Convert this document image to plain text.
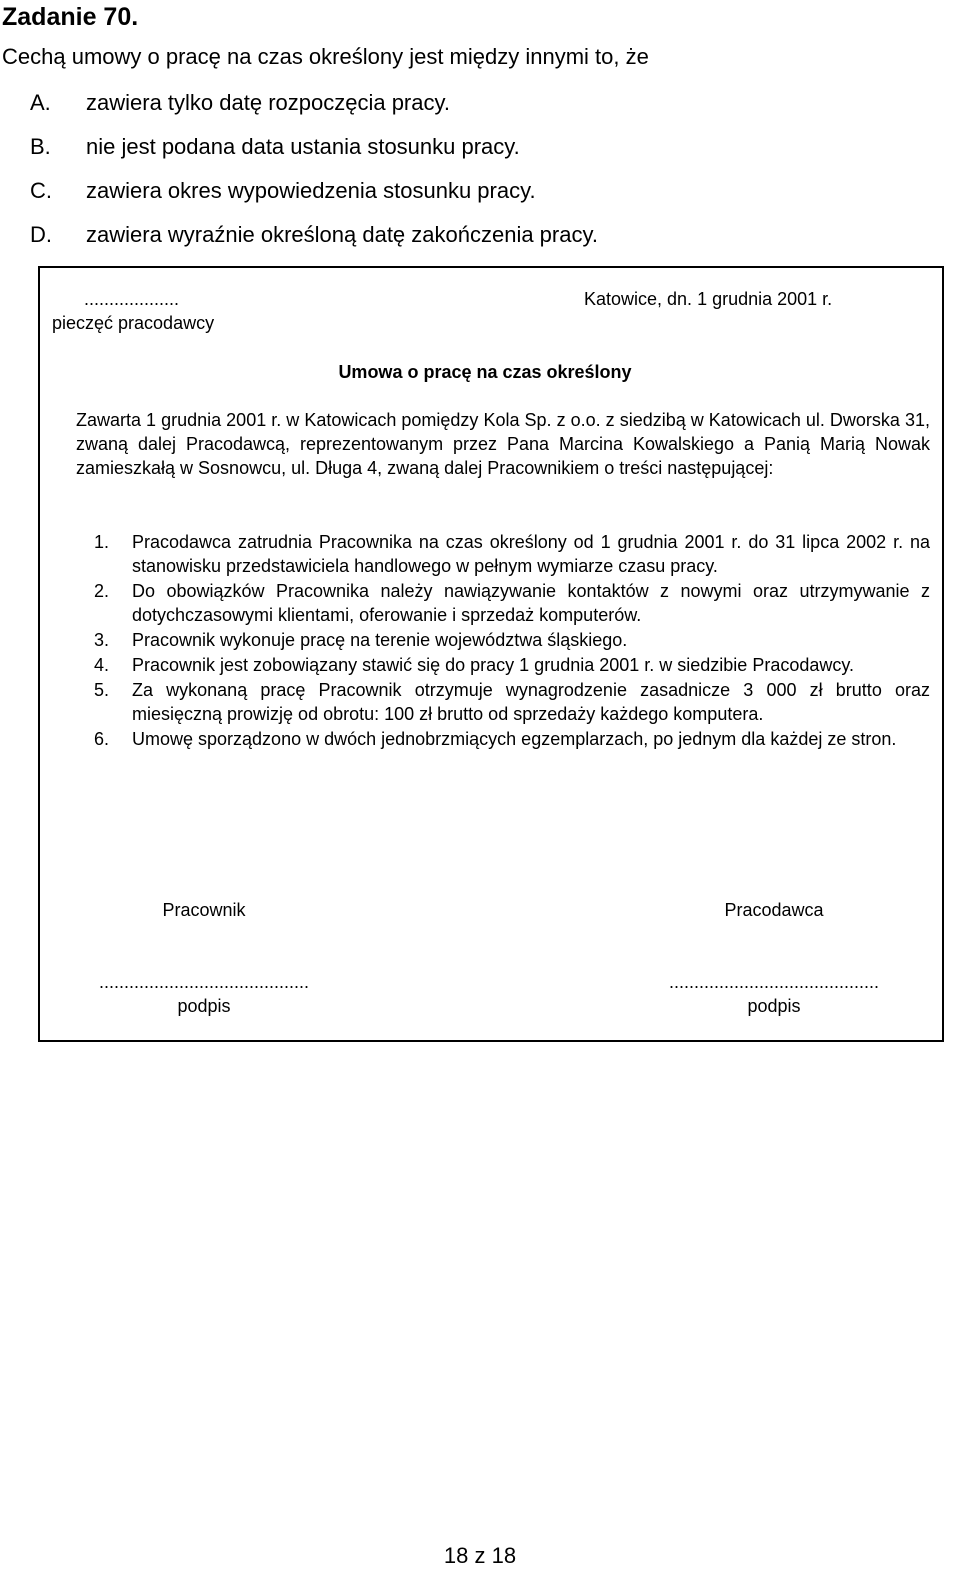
Zadanie 70.
Cechą umowy o pracę na czas określony jest między innymi to, że
A. zawiera tylko datę rozpoczęcia pracy.
B. nie jest podana data ustania stosunku pracy.
C. zawiera okres wypowiedzenia stosunku pracy.
D. zawiera wyraźnie określoną datę zakończenia pracy.
...................
pieczęć pracodawcy
Katowice, dn. 1 grudnia 2001 r.
Umowa o pracę na czas określony
Zawarta 1 grudnia 2001 r. w Katowicach pomiędzy Kola Sp. z o.o. z siedzibą w Katowicach ul. Dworska 31, zwaną dalej Pracodawcą, reprezentowanym przez Pana Marcina Kowalskiego a Panią Marią Nowak zamieszkałą w Sosnowcu, ul. Długa 4, zwaną dalej Pracownikiem o treści następującej:
1. Pracodawca zatrudnia Pracownika na czas określony od 1 grudnia 2001 r. do 31 lipca 2002 r. na stanowisku przedstawiciela handlowego w pełnym wymiarze czasu pracy.
2. Do obowiązków Pracownika należy nawiązywanie kontaktów z nowymi oraz utrzymywanie z dotychczasowymi klientami, oferowanie i sprzedaż komputerów.
3. Pracownik wykonuje pracę na terenie województwa śląskiego.
4. Pracownik jest zobowiązany stawić się do pracy 1 grudnia 2001 r. w siedzibie Pracodawcy.
5. Za wykonaną pracę Pracownik otrzymuje wynagrodzenie zasadnicze 3 000 zł brutto oraz miesięczną prowizję od obrotu: 100 zł brutto od sprzedaży każdego komputera.
6. Umowę sporządzono w dwóch jednobrzmiących egzemplarzach, po jednym dla każdej ze stron.
Pracownik
..........................................
podpis
Pracodawca
..........................................
podpis
18 z 18
